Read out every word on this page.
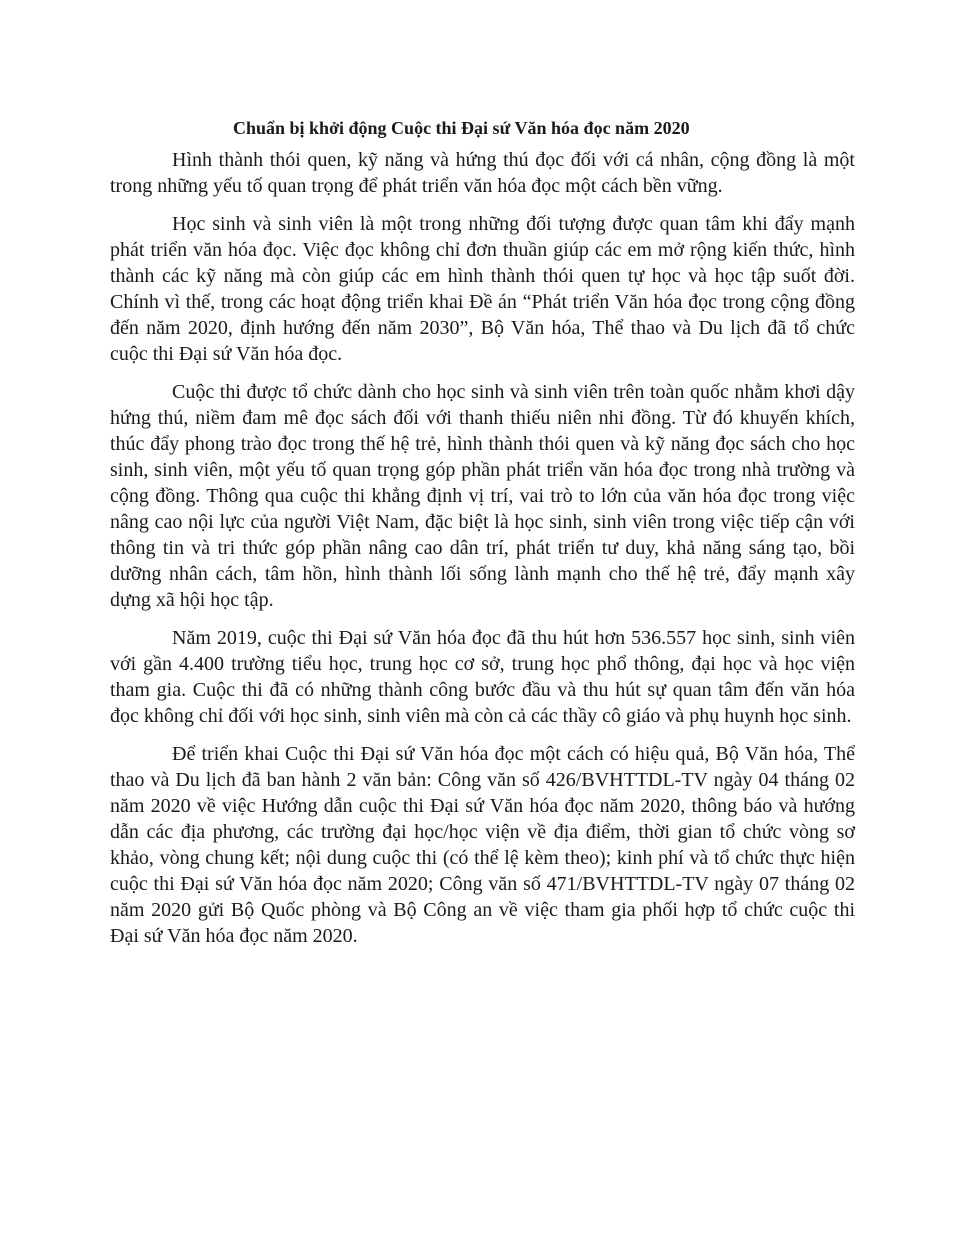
Chuẩn bị khởi động Cuộc thi Đại sứ Văn hóa đọc năm 2020

Hình thành thói quen, kỹ năng và hứng thú đọc đối với cá nhân, cộng đồng là một trong những yếu tố quan trọng để phát triển văn hóa đọc một cách bền vững.

Học sinh và sinh viên là một trong những đối tượng được quan tâm khi đẩy mạnh phát triển văn hóa đọc. Việc đọc không chỉ đơn thuần giúp các em mở rộng kiến thức, hình thành các kỹ năng mà còn giúp các em hình thành thói quen tự học và học tập suốt đời. Chính vì thế, trong các hoạt động triển khai Đề án “Phát triển Văn hóa đọc trong cộng đồng đến năm 2020, định hướng đến năm 2030”, Bộ Văn hóa, Thể thao và Du lịch đã tổ chức cuộc thi Đại sứ Văn hóa đọc.

Cuộc thi được tổ chức dành cho học sinh và sinh viên trên toàn quốc nhằm khơi dậy hứng thú, niềm đam mê đọc sách đối với thanh thiếu niên nhi đồng. Từ đó khuyến khích, thúc đẩy phong trào đọc trong thế hệ trẻ, hình thành thói quen và kỹ năng đọc sách cho học sinh, sinh viên, một yếu tố quan trọng góp phần phát triển văn hóa đọc trong nhà trường và cộng đồng. Thông qua cuộc thi khẳng định vị trí, vai trò to lớn của văn hóa đọc trong việc nâng cao nội lực của người Việt Nam, đặc biệt là học sinh, sinh viên trong việc tiếp cận với thông tin và tri thức góp phần nâng cao dân trí, phát triển tư duy, khả năng sáng tạo, bồi dưỡng nhân cách, tâm hồn, hình thành lối sống lành mạnh cho thế hệ trẻ, đẩy mạnh xây dựng xã hội học tập.

Năm 2019, cuộc thi Đại sứ Văn hóa đọc đã thu hút hơn 536.557 học sinh, sinh viên với gần 4.400 trường tiểu học, trung học cơ sở, trung học phổ thông, đại học và học viện tham gia. Cuộc thi đã có những thành công bước đầu và thu hút sự quan tâm đến văn hóa đọc không chỉ đối với học sinh, sinh viên mà còn cả các thầy cô giáo và phụ huynh học sinh.

Để triển khai Cuộc thi Đại sứ Văn hóa đọc một cách có hiệu quả, Bộ Văn hóa, Thể thao và Du lịch đã ban hành 2 văn bản: Công văn số 426/BVHTTDL-TV ngày 04 tháng 02 năm 2020 về việc Hướng dẫn cuộc thi Đại sứ Văn hóa đọc năm 2020, thông báo và hướng dẫn các địa phương, các trường đại học/học viện về địa điểm, thời gian tổ chức vòng sơ khảo, vòng chung kết; nội dung cuộc thi (có thể lệ kèm theo); kinh phí và tổ chức thực hiện cuộc thi Đại sứ Văn hóa đọc năm 2020; Công văn số 471/BVHTTDL-TV ngày 07 tháng 02 năm 2020 gửi Bộ Quốc phòng và Bộ Công an về việc tham gia phối hợp tổ chức cuộc thi Đại sứ Văn hóa đọc năm 2020.
